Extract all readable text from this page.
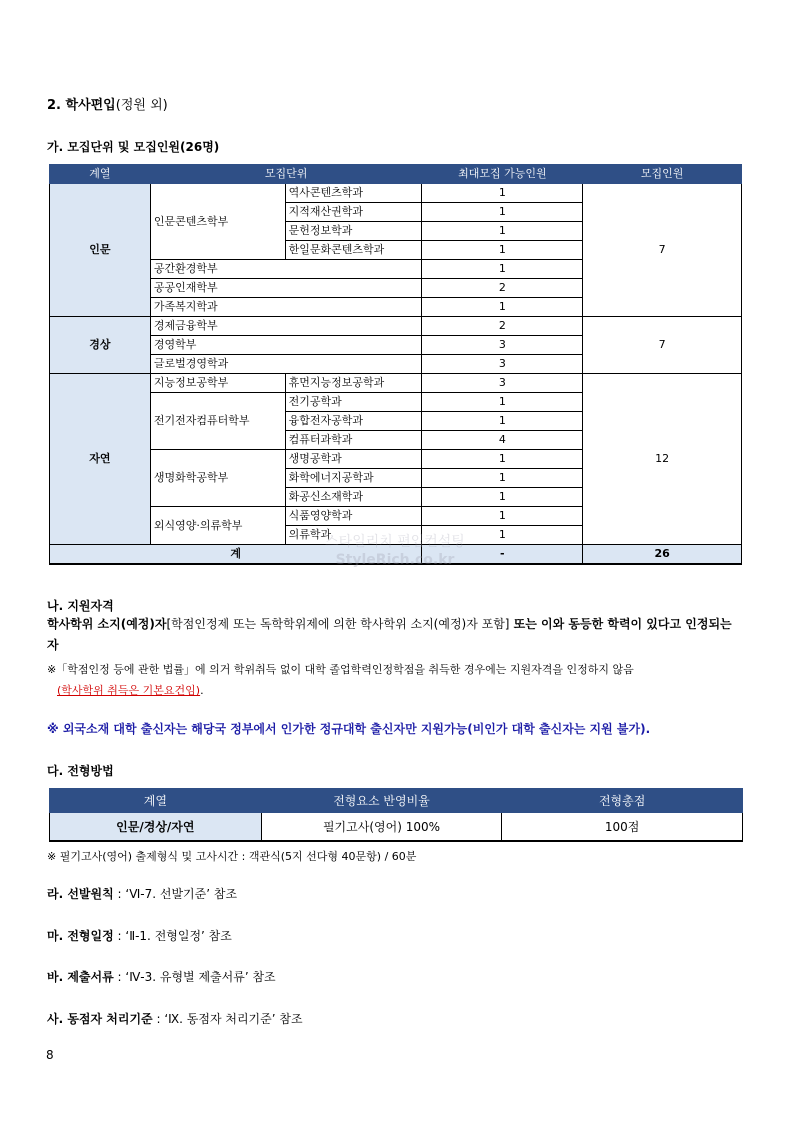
2. 학사편입(정원 외)
가. 모집단위 및 모집인원(26명)
계열	모집단위		최대모집 가능인원	모집인원
인문	인문콘텐츠학부	역사콘텐츠학과	1	7
		지적재산권학과	1	
		문헌정보학과	1	
		한일문화콘텐츠학과	1	
	공간환경학부		1	
	공공인재학부		2	
	가족복지학과		1	
경상	경제금융학부		2	7
	경영학부		3	
	글로벌경영학과		3	
자연	지능정보공학부	휴먼지능정보공학과	3	12
	전기전자컴퓨터학부	전기공학과	1	
		융합전자공학과	1	
		컴퓨터과학과	4	
	생명화학공학부	생명공학과	1	
		화학에너지공학과	1	
		화공신소재학과	1	
	외식영양·의류학부	식품영양학과	1	
		의류학과	1	
계			-	26
스타일리치 편입컨설팅
StyleRich.co.kr
나. 지원자격
학사학위 소지(예정)자[학점인정제 또는 독학학위제에 의한 학사학위 소지(예정)자 포함] 또는 이와 동등한 학력이 있다고 인정되는 자
※「학점인정 등에 관한 법률」에 의거 학위취득 없이 대학 졸업학력인정학점을 취득한 경우에는 지원자격을 인정하지 않음
(학사학위 취득은 기본요건임).
※ 외국소재 대학 출신자는 해당국 정부에서 인가한 정규대학 출신자만 지원가능(비인가 대학 출신자는 지원 불가).
다. 전형방법
계열	전형요소 반영비율	전형총점
인문/경상/자연	필기고사(영어) 100%	100점
※ 필기고사(영어) 출제형식 및 고사시간 : 객관식(5지 선다형 40문항) / 60분
라. 선발원칙 : ‘Ⅵ-7. 선발기준’ 참조
마. 전형일정 : ‘Ⅱ-1. 전형일정’ 참조
바. 제출서류 : ‘Ⅳ-3. 유형별 제출서류’ 참조
사. 동점자 처리기준 : ‘Ⅸ. 동점자 처리기준’ 참조
8
